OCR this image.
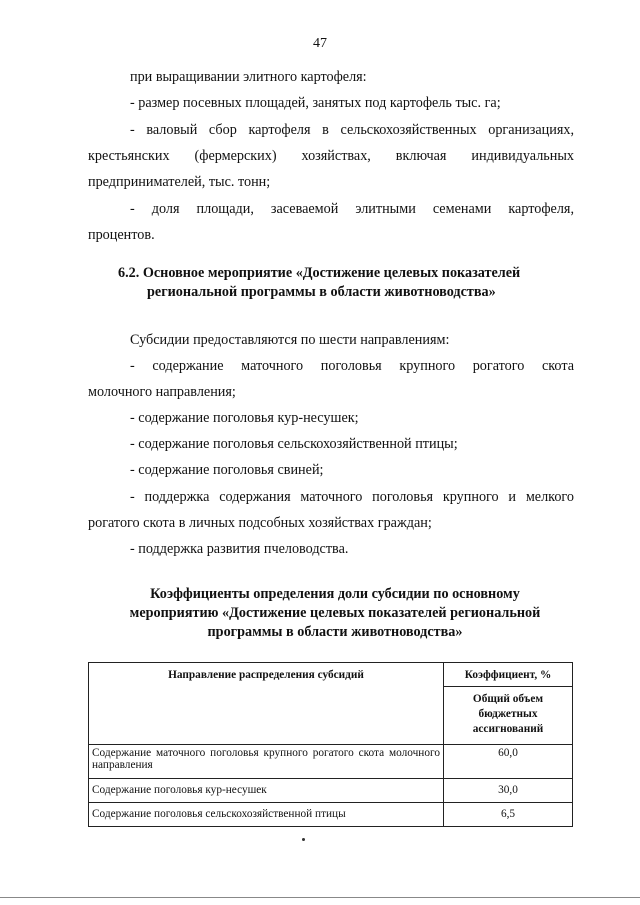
47
при выращивании элитного картофеля:
- размер посевных площадей, занятых под картофель тыс. га;
- валовый сбор картофеля в сельскохозяйственных организациях,
крестьянских (фермерских) хозяйствах, включая индивидуальных
предпринимателей, тыс. тонн;
- доля площади, засеваемой элитными семенами картофеля,
процентов.
6.2. Основное мероприятие «Достижение целевых показателей
региональной программы в области животноводства»
Субсидии предоставляются по шести направлениям:
- содержание маточного поголовья крупного рогатого скота
молочного направления;
- содержание поголовья кур-несушек;
- содержание поголовья сельскохозяйственной птицы;
- содержание поголовья свиней;
- поддержка содержания маточного поголовья крупного и мелкого
рогатого скота в личных подсобных хозяйствах граждан;
- поддержка развития пчеловодства.
Коэффициенты определения доли субсидии по основному
мероприятию «Достижение целевых показателей региональной
программы в области животноводства»
Направление распределения субсидий	Коэффициент, %
	Общий объем бюджетных ассигнований
Содержание маточного поголовья крупного рогатого скота молочного направления	60,0
Содержание поголовья кур-несушек	30,0
Содержание поголовья сельскохозяйственной птицы	6,5
